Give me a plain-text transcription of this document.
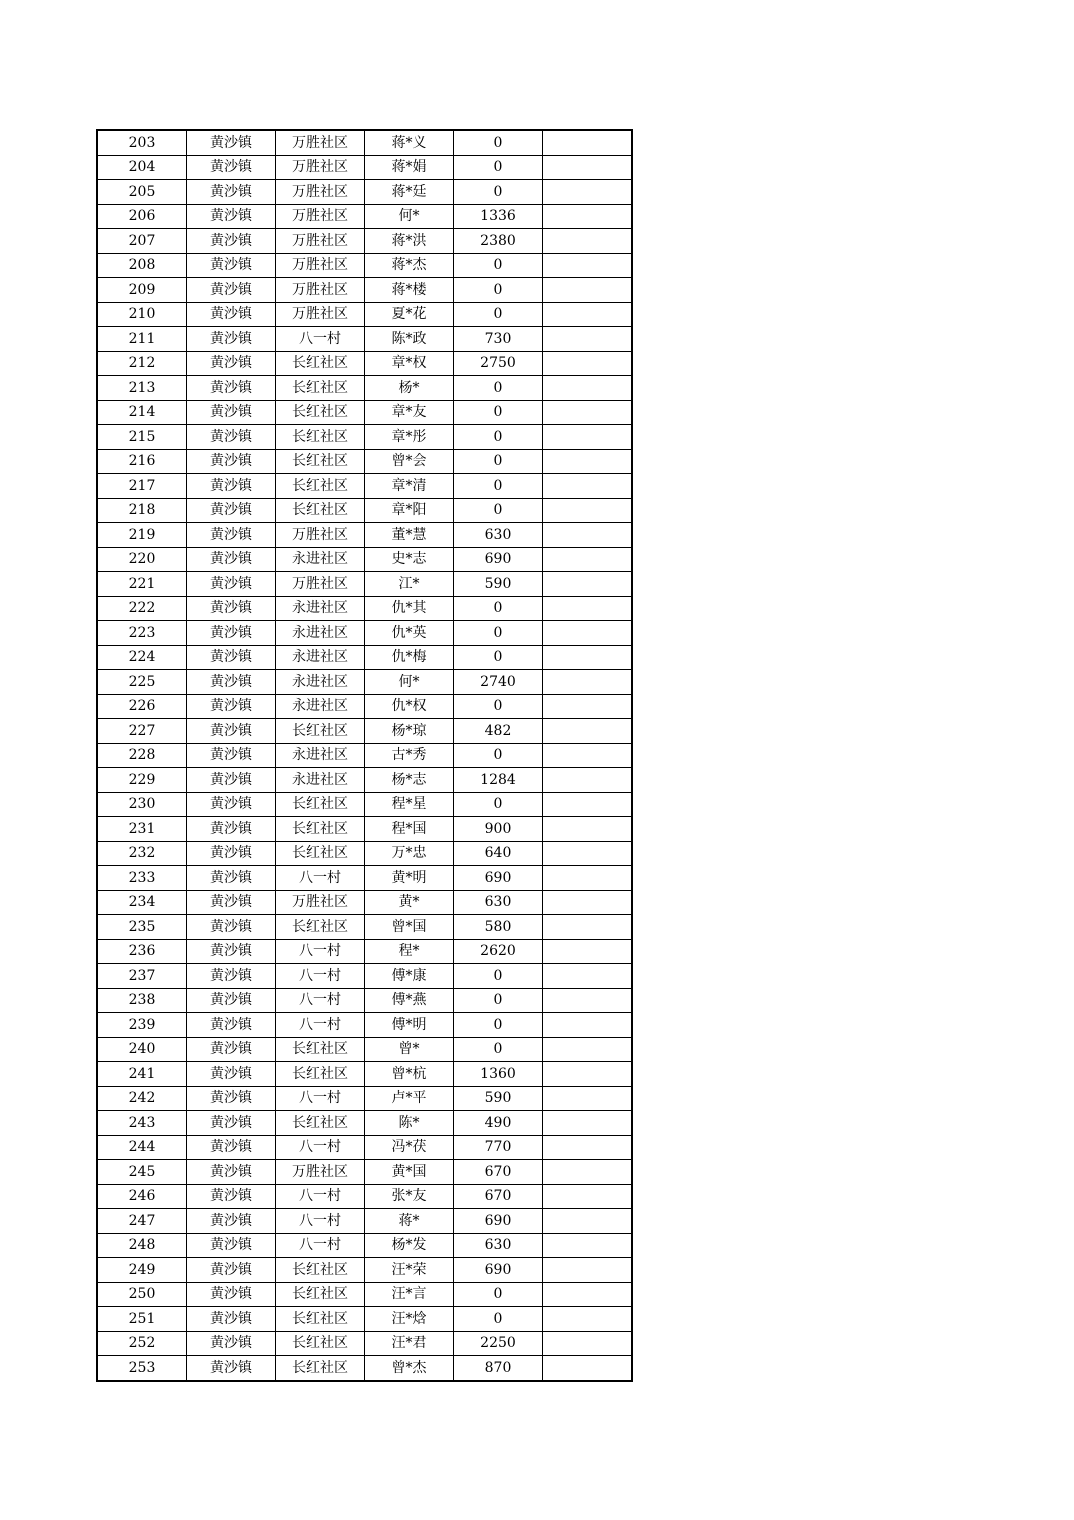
203	黄沙镇	万胜社区	蒋*义	0	
204	黄沙镇	万胜社区	蒋*娟	0	
205	黄沙镇	万胜社区	蒋*廷	0	
206	黄沙镇	万胜社区	何*	1336	
207	黄沙镇	万胜社区	蒋*洪	2380	
208	黄沙镇	万胜社区	蒋*杰	0	
209	黄沙镇	万胜社区	蒋*楼	0	
210	黄沙镇	万胜社区	夏*花	0	
211	黄沙镇	八一村	陈*政	730	
212	黄沙镇	长红社区	章*权	2750	
213	黄沙镇	长红社区	杨*	0	
214	黄沙镇	长红社区	章*友	0	
215	黄沙镇	长红社区	章*彤	0	
216	黄沙镇	长红社区	曾*会	0	
217	黄沙镇	长红社区	章*清	0	
218	黄沙镇	长红社区	章*阳	0	
219	黄沙镇	万胜社区	董*慧	630	
220	黄沙镇	永进社区	史*志	690	
221	黄沙镇	万胜社区	江*	590	
222	黄沙镇	永进社区	仇*其	0	
223	黄沙镇	永进社区	仇*英	0	
224	黄沙镇	永进社区	仇*梅	0	
225	黄沙镇	永进社区	何*	2740	
226	黄沙镇	永进社区	仇*权	0	
227	黄沙镇	长红社区	杨*琼	482	
228	黄沙镇	永进社区	古*秀	0	
229	黄沙镇	永进社区	杨*志	1284	
230	黄沙镇	长红社区	程*星	0	
231	黄沙镇	长红社区	程*国	900	
232	黄沙镇	长红社区	万*忠	640	
233	黄沙镇	八一村	黄*明	690	
234	黄沙镇	万胜社区	黄*	630	
235	黄沙镇	长红社区	曾*国	580	
236	黄沙镇	八一村	程*	2620	
237	黄沙镇	八一村	傅*康	0	
238	黄沙镇	八一村	傅*燕	0	
239	黄沙镇	八一村	傅*明	0	
240	黄沙镇	长红社区	曾*	0	
241	黄沙镇	长红社区	曾*杭	1360	
242	黄沙镇	八一村	卢*平	590	
243	黄沙镇	长红社区	陈*	490	
244	黄沙镇	八一村	冯*茯	770	
245	黄沙镇	万胜社区	黄*国	670	
246	黄沙镇	八一村	张*友	670	
247	黄沙镇	八一村	蒋*	690	
248	黄沙镇	八一村	杨*发	630	
249	黄沙镇	长红社区	汪*荣	690	
250	黄沙镇	长红社区	汪*言	0	
251	黄沙镇	长红社区	汪*焓	0	
252	黄沙镇	长红社区	汪*君	2250	
253	黄沙镇	长红社区	曾*杰	870	
